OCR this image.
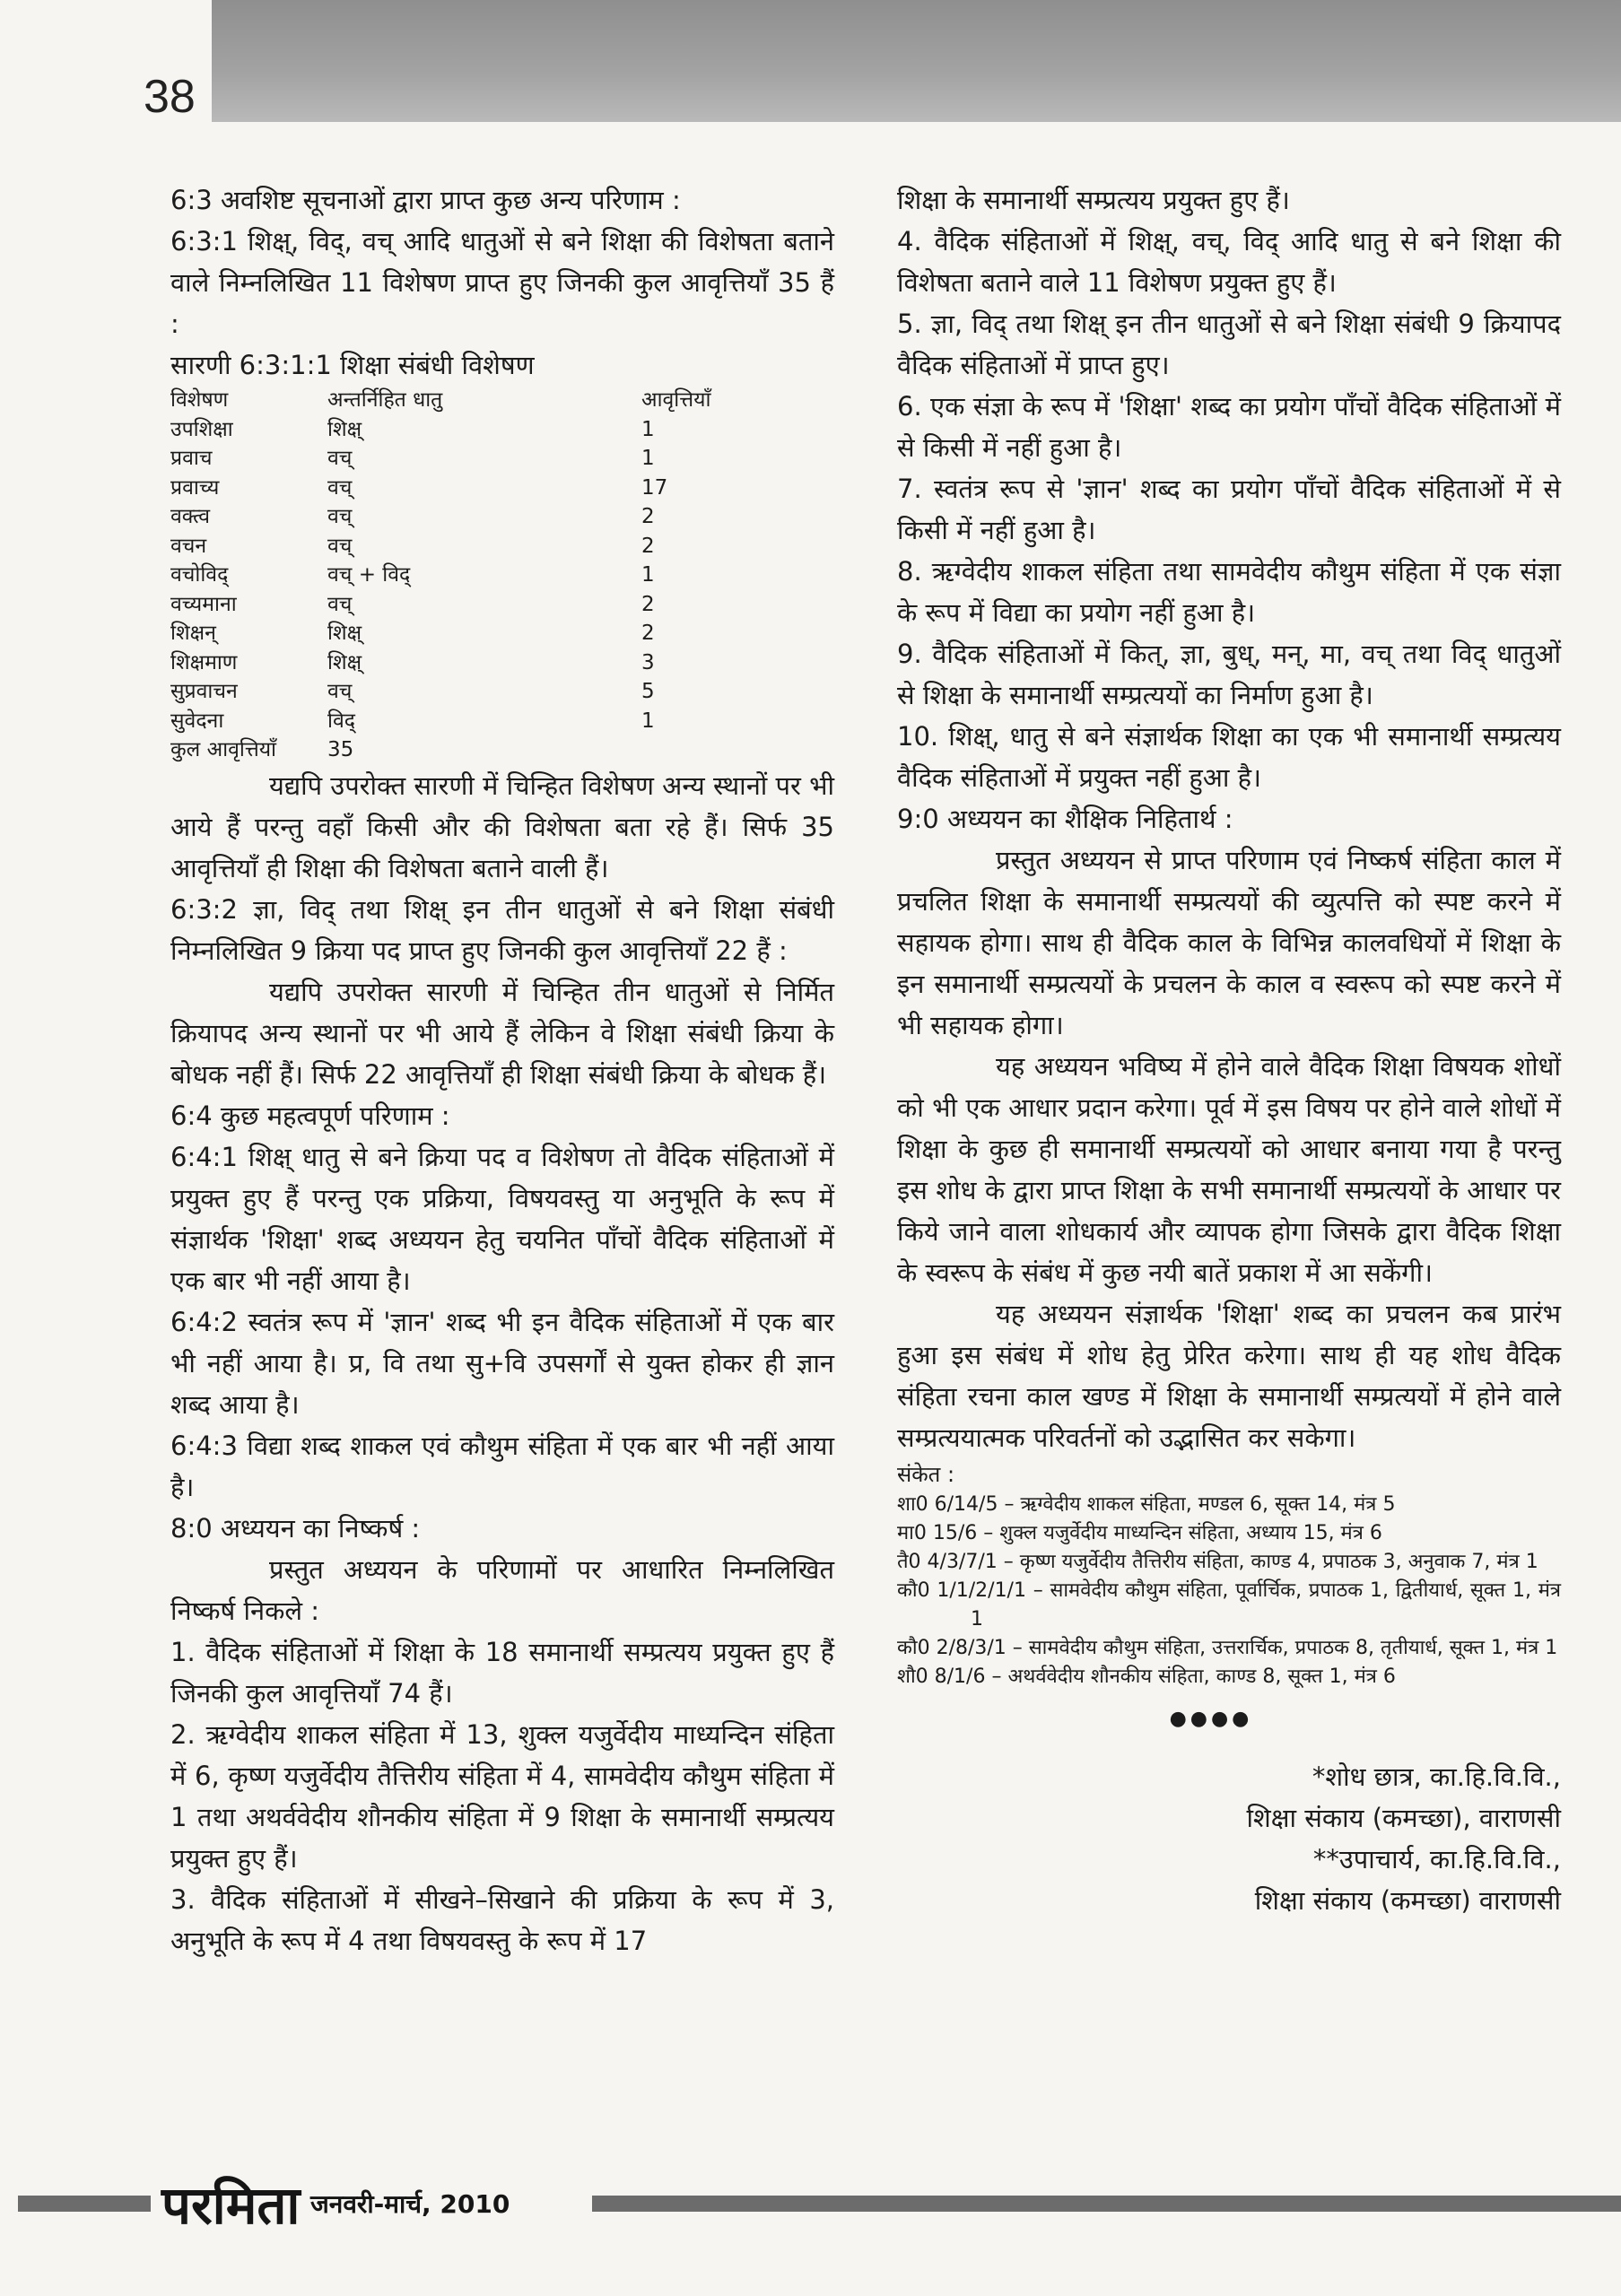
38
6:3 अवशिष्ट सूचनाओं द्वारा प्राप्त कुछ अन्य परिणाम :
6:3:1 शिक्ष्, विद्, वच् आदि धातुओं से बने शिक्षा की विशेषता बताने वाले निम्नलिखित 11 विशेषण प्राप्त हुए जिनकी कुल आवृत्तियाँ 35 हैं :
सारणी 6:3:1:1 शिक्षा संबंधी विशेषण
विशेषण	अन्तर्निहित धातु	आवृत्तियाँ
उपशिक्षा	शिक्ष्	1
प्रवाच	वच्	1
प्रवाच्य	वच्	17
वक्त्व	वच्	2
वचन	वच्	2
वचोविद्	वच् + विद्	1
वच्यमाना	वच्	2
शिक्षन्	शिक्ष्	2
शिक्षमाण	शिक्ष्	3
सुप्रवाचन	वच्	5
सुवेदना	विद्	1
कुल आवृत्तियाँ	35
यद्यपि उपरोक्त सारणी में चिन्हित विशेषण अन्य स्थानों पर भी आये हैं परन्तु वहाँ किसी और की विशेषता बता रहे हैं। सिर्फ 35 आवृत्तियाँ ही शिक्षा की विशेषता बताने वाली हैं।
6:3:2 ज्ञा, विद् तथा शिक्ष् इन तीन धातुओं से बने शिक्षा संबंधी निम्नलिखित 9 क्रिया पद प्राप्त हुए जिनकी कुल आवृत्तियाँ 22 हैं :
यद्यपि उपरोक्त सारणी में चिन्हित तीन धातुओं से निर्मित क्रियापद अन्य स्थानों पर भी आये हैं लेकिन वे शिक्षा संबंधी क्रिया के बोधक नहीं हैं। सिर्फ 22 आवृत्तियाँ ही शिक्षा संबंधी क्रिया के बोधक हैं।
6:4 कुछ महत्वपूर्ण परिणाम :
6:4:1 शिक्ष् धातु से बने क्रिया पद व विशेषण तो वैदिक संहिताओं में प्रयुक्त हुए हैं परन्तु एक प्रक्रिया, विषयवस्तु या अनुभूति के रूप में संज्ञार्थक 'शिक्षा' शब्द अध्ययन हेतु चयनित पाँचों वैदिक संहिताओं में एक बार भी नहीं आया है।
6:4:2 स्वतंत्र रूप में 'ज्ञान' शब्द भी इन वैदिक संहिताओं में एक बार भी नहीं आया है। प्र, वि तथा सु+वि उपसर्गों से युक्त होकर ही ज्ञान शब्द आया है।
6:4:3 विद्या शब्द शाकल एवं कौथुम संहिता में एक बार भी नहीं आया है।
8:0 अध्ययन का निष्कर्ष :
प्रस्तुत अध्ययन के परिणामों पर आधारित निम्नलिखित निष्कर्ष निकले :
1. वैदिक संहिताओं में शिक्षा के 18 समानार्थी सम्प्रत्यय प्रयुक्त हुए हैं जिनकी कुल आवृत्तियाँ 74 हैं।
2. ऋग्वेदीय शाकल संहिता में 13, शुक्ल यजुर्वेदीय माध्यन्दिन संहिता में 6, कृष्ण यजुर्वेदीय तैत्तिरीय संहिता में 4, सामवेदीय कौथुम संहिता में 1 तथा अथर्ववेदीय शौनकीय संहिता में 9 शिक्षा के समानार्थी सम्प्रत्यय प्रयुक्त हुए हैं।
3. वैदिक संहिताओं में सीखने–सिखाने की प्रक्रिया के रूप में 3, अनुभूति के रूप में 4 तथा विषयवस्तु के रूप में 17
शिक्षा के समानार्थी सम्प्रत्यय प्रयुक्त हुए हैं।
4. वैदिक संहिताओं में शिक्ष्, वच्, विद् आदि धातु से बने शिक्षा की विशेषता बताने वाले 11 विशेषण प्रयुक्त हुए हैं।
5. ज्ञा, विद् तथा शिक्ष् इन तीन धातुओं से बने शिक्षा संबंधी 9 क्रियापद वैदिक संहिताओं में प्राप्त हुए।
6. एक संज्ञा के रूप में 'शिक्षा' शब्द का प्रयोग पाँचों वैदिक संहिताओं में से किसी में नहीं हुआ है।
7. स्वतंत्र रूप से 'ज्ञान' शब्द का प्रयोग पाँचों वैदिक संहिताओं में से किसी में नहीं हुआ है।
8. ऋग्वेदीय शाकल संहिता तथा सामवेदीय कौथुम संहिता में एक संज्ञा के रूप में विद्या का प्रयोग नहीं हुआ है।
9. वैदिक संहिताओं में कित्, ज्ञा, बुध्, मन्, मा, वच् तथा विद् धातुओं से शिक्षा के समानार्थी सम्प्रत्ययों का निर्माण हुआ है।
10. शिक्ष्, धातु से बने संज्ञार्थक शिक्षा का एक भी समानार्थी सम्प्रत्यय वैदिक संहिताओं में प्रयुक्त नहीं हुआ है।
9:0 अध्ययन का शैक्षिक निहितार्थ :
प्रस्तुत अध्ययन से प्राप्त परिणाम एवं निष्कर्ष संहिता काल में प्रचलित शिक्षा के समानार्थी सम्प्रत्ययों की व्युत्पत्ति को स्पष्ट करने में सहायक होगा। साथ ही वैदिक काल के विभिन्न कालवधियों में शिक्षा के इन समानार्थी सम्प्रत्ययों के प्रचलन के काल व स्वरूप को स्पष्ट करने में भी सहायक होगा।
यह अध्ययन भविष्य में होने वाले वैदिक शिक्षा विषयक शोधों को भी एक आधार प्रदान करेगा। पूर्व में इस विषय पर होने वाले शोधों में शिक्षा के कुछ ही समानार्थी सम्प्रत्ययों को आधार बनाया गया है परन्तु इस शोध के द्वारा प्राप्त शिक्षा के सभी समानार्थी सम्प्रत्ययों के आधार पर किये जाने वाला शोधकार्य और व्यापक होगा जिसके द्वारा वैदिक शिक्षा के स्वरूप के संबंध में कुछ नयी बातें प्रकाश में आ सकेंगी।
यह अध्ययन संज्ञार्थक 'शिक्षा' शब्द का प्रचलन कब प्रारंभ हुआ इस संबंध में शोध हेतु प्रेरित करेगा। साथ ही यह शोध वैदिक संहिता रचना काल खण्ड में शिक्षा के समानार्थी सम्प्रत्ययों में होने वाले सम्प्रत्ययात्मक परिवर्तनों को उद्भासित कर सकेगा।
संकेत :
शा0 6/14/5 – ऋग्वेदीय शाकल संहिता, मण्डल 6, सूक्त 14, मंत्र 5
मा0 15/6 – शुक्ल यजुर्वेदीय माध्यन्दिन संहिता, अध्याय 15, मंत्र 6
तै0 4/3/7/1 – कृष्ण यजुर्वेदीय तैत्तिरीय संहिता, काण्ड 4, प्रपाठक 3, अनुवाक 7, मंत्र 1
कौ0 1/1/2/1/1 – सामवेदीय कौथुम संहिता, पूर्वार्चिक, प्रपाठक 1, द्वितीयार्ध, सूक्त 1, मंत्र 1
कौ0 2/8/3/1 – सामवेदीय कौथुम संहिता, उत्तरार्चिक, प्रपाठक 8, तृतीयार्ध, सूक्त 1, मंत्र 1
शौ0 8/1/6 – अथर्ववेदीय शौनकीय संहिता, काण्ड 8, सूक्त 1, मंत्र 6
●●●●
*शोध छात्र, का.हि.वि.वि.,
शिक्षा संकाय (कमच्छा), वाराणसी
**उपाचार्य, का.हि.वि.वि.,
शिक्षा संकाय (कमच्छा) वाराणसी
परमिता जनवरी-मार्च, 2010
